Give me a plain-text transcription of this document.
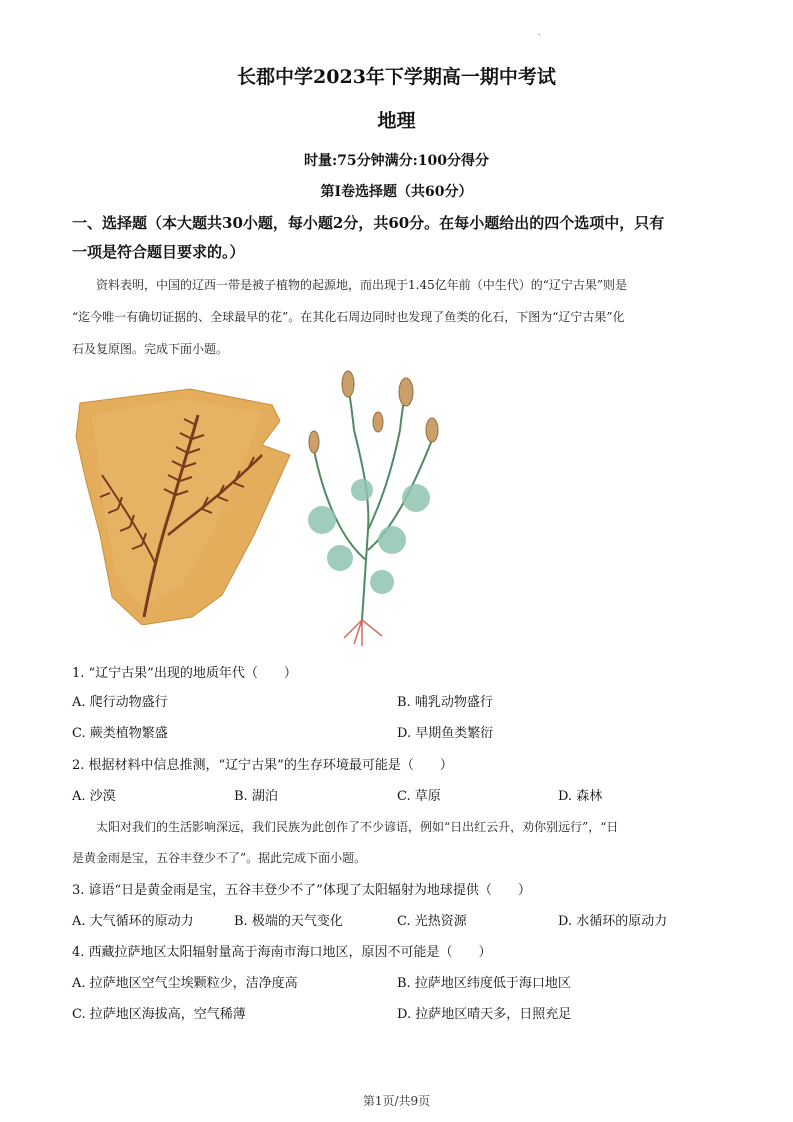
.
长郡中学2023年下学期高一期中考试
地理
时量:75分钟满分:100分得分
第Ⅰ卷选择题（共60分）
一、选择题（本大题共30小题，每小题2分，共60分。在每小题给出的四个选项中，只有
一项是符合题目要求的。）
资料表明，中国的辽西一带是被子植物的起源地，而出现于1.45亿年前（中生代）的“辽宁古果”则是
“迄今唯一有确切证据的、全球最早的花”。在其化石周边同时也发现了鱼类的化石，下图为“辽宁古果”化
石及复原图。完成下面小题。
1. “辽宁古果”出现的地质年代（　　）
A. 爬行动物盛行	B. 哺乳动物盛行
C. 蕨类植物繁盛	D. 早期鱼类繁衍
2. 根据材料中信息推测，“辽宁古果”的生存环境最可能是（　　）
A. 沙漠	B. 湖泊	C. 草原	D. 森林
太阳对我们的生活影响深远，我们民族为此创作了不少谚语，例如“日出红云升，劝你别远行”，“日
是黄金雨是宝，五谷丰登少不了”。据此完成下面小题。
3. 谚语“日是黄金雨是宝，五谷丰登少不了”体现了太阳辐射为地球提供（　　）
A. 大气循环的原动力	B. 极端的天气变化	C. 光热资源	D. 水循环的原动力
4. 西藏拉萨地区太阳辐射量高于海南市海口地区，原因不可能是（　　）
A. 拉萨地区空气尘埃颗粒少，洁净度高	B. 拉萨地区纬度低于海口地区
C. 拉萨地区海拔高，空气稀薄	D. 拉萨地区晴天多，日照充足
第1页/共9页
